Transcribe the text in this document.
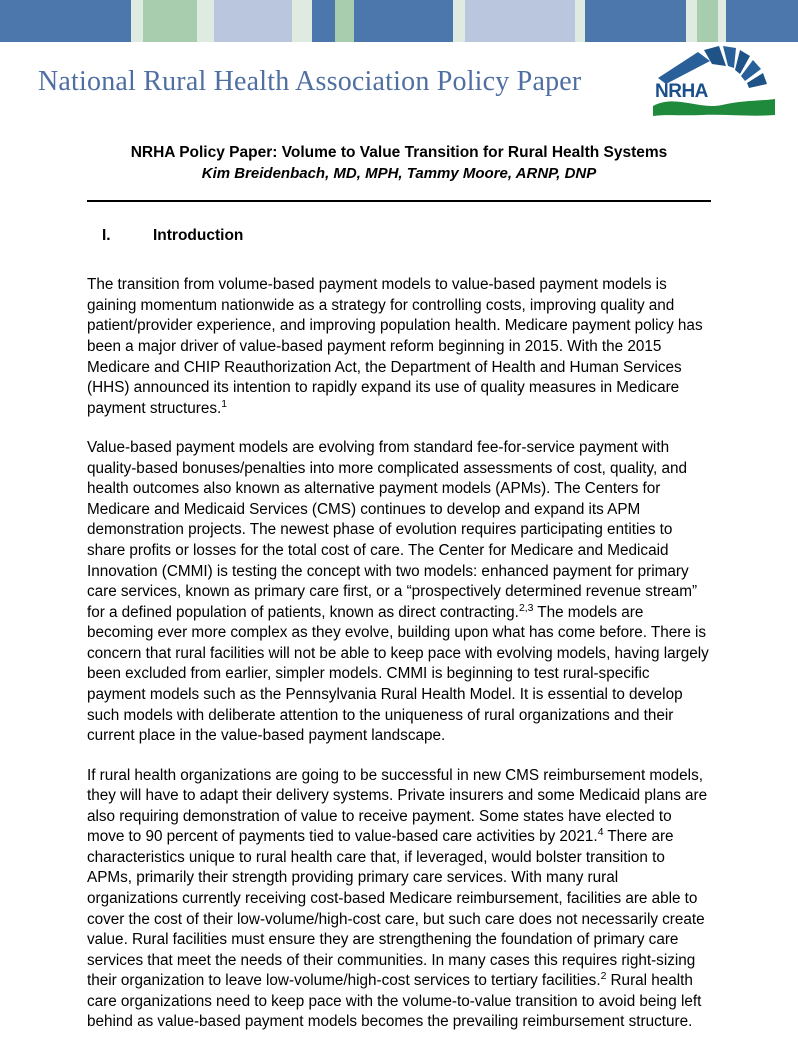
National Rural Health Association Policy Paper	NRHA
NRHA Policy Paper: Volume to Value Transition for Rural Health Systems
Kim Breidenbach, MD, MPH, Tammy Moore, ARNP, DNP
I.	Introduction

The transition from volume-based payment models to value-based payment models is gaining momentum nationwide as a strategy for controlling costs, improving quality and patient/provider experience, and improving population health. Medicare payment policy has been a major driver of value-based payment reform beginning in 2015. With the 2015 Medicare and CHIP Reauthorization Act, the Department of Health and Human Services (HHS) announced its intention to rapidly expand its use of quality measures in Medicare payment structures.$^1$

Value-based payment models are evolving from standard fee-for-service payment with quality-based bonuses/penalties into more complicated assessments of cost, quality, and health outcomes also known as alternative payment models (APMs). The Centers for Medicare and Medicaid Services (CMS) continues to develop and expand its APM demonstration projects. The newest phase of evolution requires participating entities to share profits or losses for the total cost of care. The Center for Medicare and Medicaid Innovation (CMMI) is testing the concept with two models: enhanced payment for primary care services, known as primary care first, or a “prospectively determined revenue stream” for a defined population of patients, known as direct contracting.$^{2,3}$ The models are becoming ever more complex as they evolve, building upon what has come before. There is concern that rural facilities will not be able to keep pace with evolving models, having largely been excluded from earlier, simpler models. CMMI is beginning to test rural-specific payment models such as the Pennsylvania Rural Health Model. It is essential to develop such models with deliberate attention to the uniqueness of rural organizations and their current place in the value-based payment landscape.

If rural health organizations are going to be successful in new CMS reimbursement models, they will have to adapt their delivery systems. Private insurers and some Medicaid plans are also requiring demonstration of value to receive payment. Some states have elected to move to 90 percent of payments tied to value-based care activities by 2021.$^4$ There are characteristics unique to rural health care that, if leveraged, would bolster transition to APMs, primarily their strength providing primary care services. With many rural organizations currently receiving cost-based Medicare reimbursement, facilities are able to cover the cost of their low-volume/high-cost care, but such care does not necessarily create value. Rural facilities must ensure they are strengthening the foundation of primary care services that meet the needs of their communities. In many cases this requires right-sizing their organization to leave low-volume/high-cost services to tertiary facilities.$^2$ Rural health care organizations need to keep pace with the volume-to-value transition to avoid being left behind as value-based payment models becomes the prevailing reimbursement structure.
